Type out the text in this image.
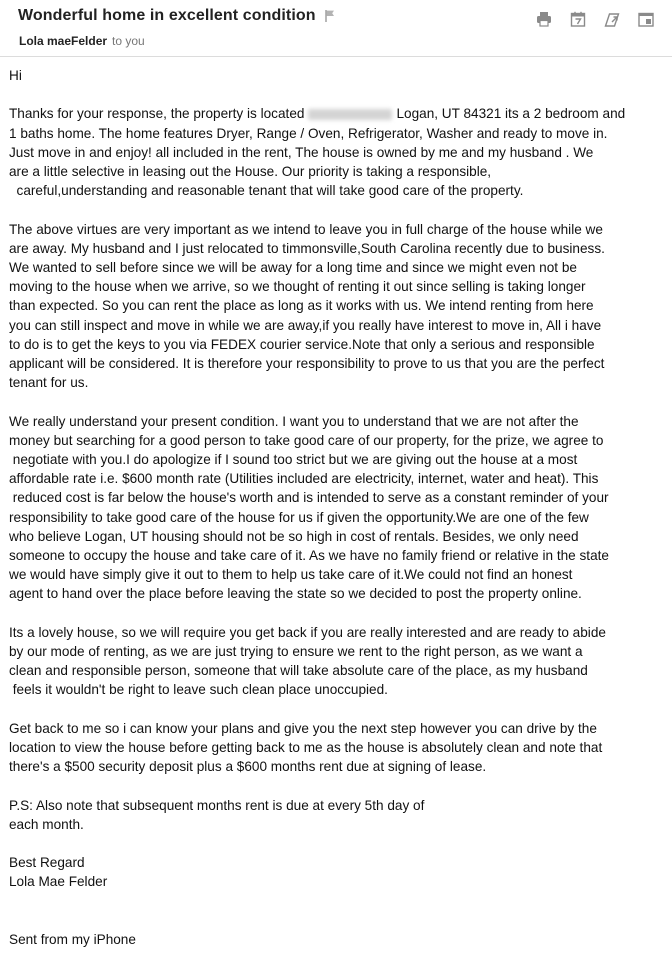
Wonderful home in excellent condition
Lola maeFelder to you

Hi

Thanks for your response, the property is located	Logan, UT 84321 its a 2 bedroom and
1 baths home. The home features Dryer, Range / Oven, Refrigerator, Washer and ready to move in.
Just move in and enjoy! all included in the rent, The house is owned by me and my husband . We
are a little selective in leasing out the House. Our priority is taking a responsible,
careful,understanding and reasonable tenant that will take good care of the property.

The above virtues are very important as we intend to leave you in full charge of the house while we
are away. My husband and I just relocated to timmonsville,South Carolina recently due to business.
We wanted to sell before since we will be away for a long time and since we might even not be
moving to the house when we arrive, so we thought of renting it out since selling is taking longer
than expected. So you can rent the place as long as it works with us. We intend renting from here
you can still inspect and move in while we are away,if you really have interest to move in, All i have
to do is to get the keys to you via FEDEX courier service.Note that only a serious and responsible
applicant will be considered. It is therefore your responsibility to prove to us that you are the perfect
tenant for us.

We really understand your present condition. I want you to understand that we are not after the
money but searching for a good person to take good care of our property, for the prize, we agree to
negotiate with you.I do apologize if I sound too strict but we are giving out the house at a most
affordable rate i.e. $600 month rate (Utilities included are electricity, internet, water and heat). This
reduced cost is far below the house's worth and is intended to serve as a constant reminder of your
responsibility to take good care of the house for us if given the opportunity.We are one of the few
who believe Logan, UT housing should not be so high in cost of rentals. Besides, we only need
someone to occupy the house and take care of it. As we have no family friend or relative in the state
we would have simply give it out to them to help us take care of it.We could not find an honest
agent to hand over the place before leaving the state so we decided to post the property online.

Its a lovely house, so we will require you get back if you are really interested and are ready to abide
by our mode of renting, as we are just trying to ensure we rent to the right person, as we want a
clean and responsible person, someone that will take absolute care of the place, as my husband
feels it wouldn't be right to leave such clean place unoccupied.

Get back to me so i can know your plans and give you the next step however you can drive by the
location to view the house before getting back to me as the house is absolutely clean and note that
there's a $500 security deposit plus a $600 months rent due at signing of lease.

P.S: Also note that subsequent months rent is due at every 5th day of
each month.

Best Regard
Lola Mae Felder

Sent from my iPhone
